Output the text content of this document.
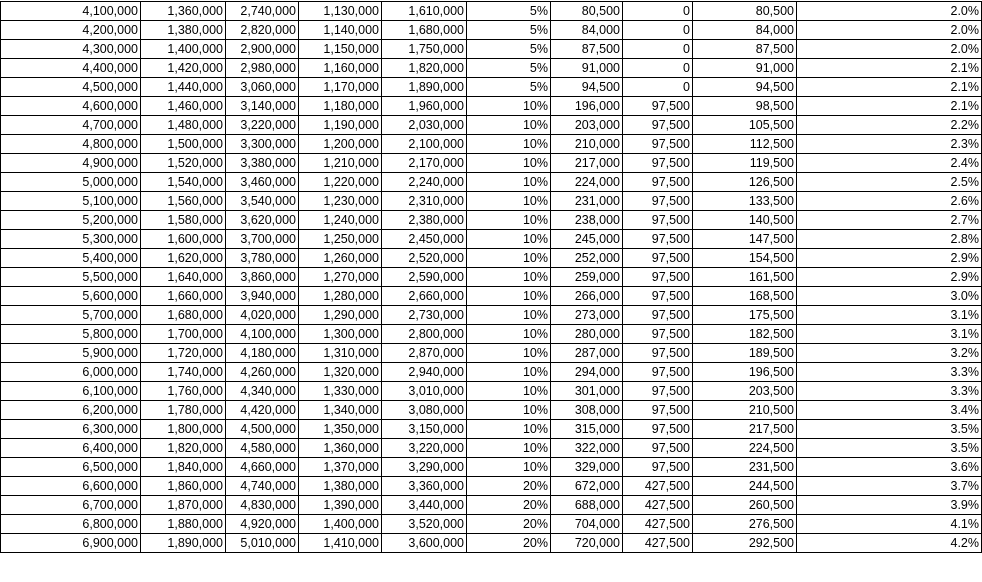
4,100,000	1,360,000	2,740,000	1,130,000	1,610,000	5%	80,500	0	80,500	2.0%
4,200,000	1,380,000	2,820,000	1,140,000	1,680,000	5%	84,000	0	84,000	2.0%
4,300,000	1,400,000	2,900,000	1,150,000	1,750,000	5%	87,500	0	87,500	2.0%
4,400,000	1,420,000	2,980,000	1,160,000	1,820,000	5%	91,000	0	91,000	2.1%
4,500,000	1,440,000	3,060,000	1,170,000	1,890,000	5%	94,500	0	94,500	2.1%
4,600,000	1,460,000	3,140,000	1,180,000	1,960,000	10%	196,000	97,500	98,500	2.1%
4,700,000	1,480,000	3,220,000	1,190,000	2,030,000	10%	203,000	97,500	105,500	2.2%
4,800,000	1,500,000	3,300,000	1,200,000	2,100,000	10%	210,000	97,500	112,500	2.3%
4,900,000	1,520,000	3,380,000	1,210,000	2,170,000	10%	217,000	97,500	119,500	2.4%
5,000,000	1,540,000	3,460,000	1,220,000	2,240,000	10%	224,000	97,500	126,500	2.5%
5,100,000	1,560,000	3,540,000	1,230,000	2,310,000	10%	231,000	97,500	133,500	2.6%
5,200,000	1,580,000	3,620,000	1,240,000	2,380,000	10%	238,000	97,500	140,500	2.7%
5,300,000	1,600,000	3,700,000	1,250,000	2,450,000	10%	245,000	97,500	147,500	2.8%
5,400,000	1,620,000	3,780,000	1,260,000	2,520,000	10%	252,000	97,500	154,500	2.9%
5,500,000	1,640,000	3,860,000	1,270,000	2,590,000	10%	259,000	97,500	161,500	2.9%
5,600,000	1,660,000	3,940,000	1,280,000	2,660,000	10%	266,000	97,500	168,500	3.0%
5,700,000	1,680,000	4,020,000	1,290,000	2,730,000	10%	273,000	97,500	175,500	3.1%
5,800,000	1,700,000	4,100,000	1,300,000	2,800,000	10%	280,000	97,500	182,500	3.1%
5,900,000	1,720,000	4,180,000	1,310,000	2,870,000	10%	287,000	97,500	189,500	3.2%
6,000,000	1,740,000	4,260,000	1,320,000	2,940,000	10%	294,000	97,500	196,500	3.3%
6,100,000	1,760,000	4,340,000	1,330,000	3,010,000	10%	301,000	97,500	203,500	3.3%
6,200,000	1,780,000	4,420,000	1,340,000	3,080,000	10%	308,000	97,500	210,500	3.4%
6,300,000	1,800,000	4,500,000	1,350,000	3,150,000	10%	315,000	97,500	217,500	3.5%
6,400,000	1,820,000	4,580,000	1,360,000	3,220,000	10%	322,000	97,500	224,500	3.5%
6,500,000	1,840,000	4,660,000	1,370,000	3,290,000	10%	329,000	97,500	231,500	3.6%
6,600,000	1,860,000	4,740,000	1,380,000	3,360,000	20%	672,000	427,500	244,500	3.7%
6,700,000	1,870,000	4,830,000	1,390,000	3,440,000	20%	688,000	427,500	260,500	3.9%
6,800,000	1,880,000	4,920,000	1,400,000	3,520,000	20%	704,000	427,500	276,500	4.1%
6,900,000	1,890,000	5,010,000	1,410,000	3,600,000	20%	720,000	427,500	292,500	4.2%
